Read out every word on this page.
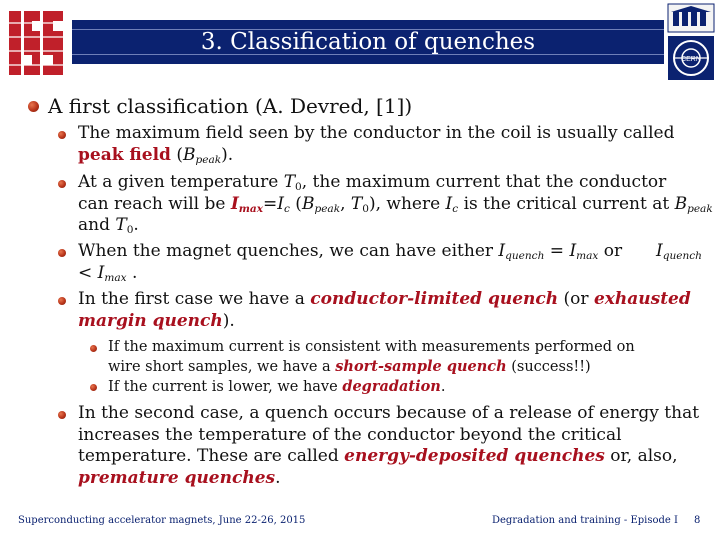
3. Classification of quenches
CERN
A first classification (A. Devred, [1])
The maximum field seen by the conductor in the coil is usually called
peak field $(B_{peak})$.
At a given temperature $T_0$, the maximum current that the conductor
can reach will be $I_{max}=I_c$ ($B_{peak}$, $T_0$), where $I_c$ is the critical current at $B_{peak}$
and $T_0$.
When the magnet quenches, we can have either $I_{quench} = I_{max}$ or $I_{quench}$

< $I_{max}$ .
In the first case we have a conductor-limited quench (or exhausted
margin quench).
If the maximum current is consistent with measurements performed on
wire short samples, we have a short-sample quench (success!!)
If the current is lower, we have degradation.
In the second case, a quench occurs because of a release of energy that
increases the temperature of the conductor beyond the critical
temperature. These are called energy-deposited quenches or, also,
premature quenches.
Superconducting accelerator magnets, June 22-26, 2015	Degradation and training - Episode I 8
